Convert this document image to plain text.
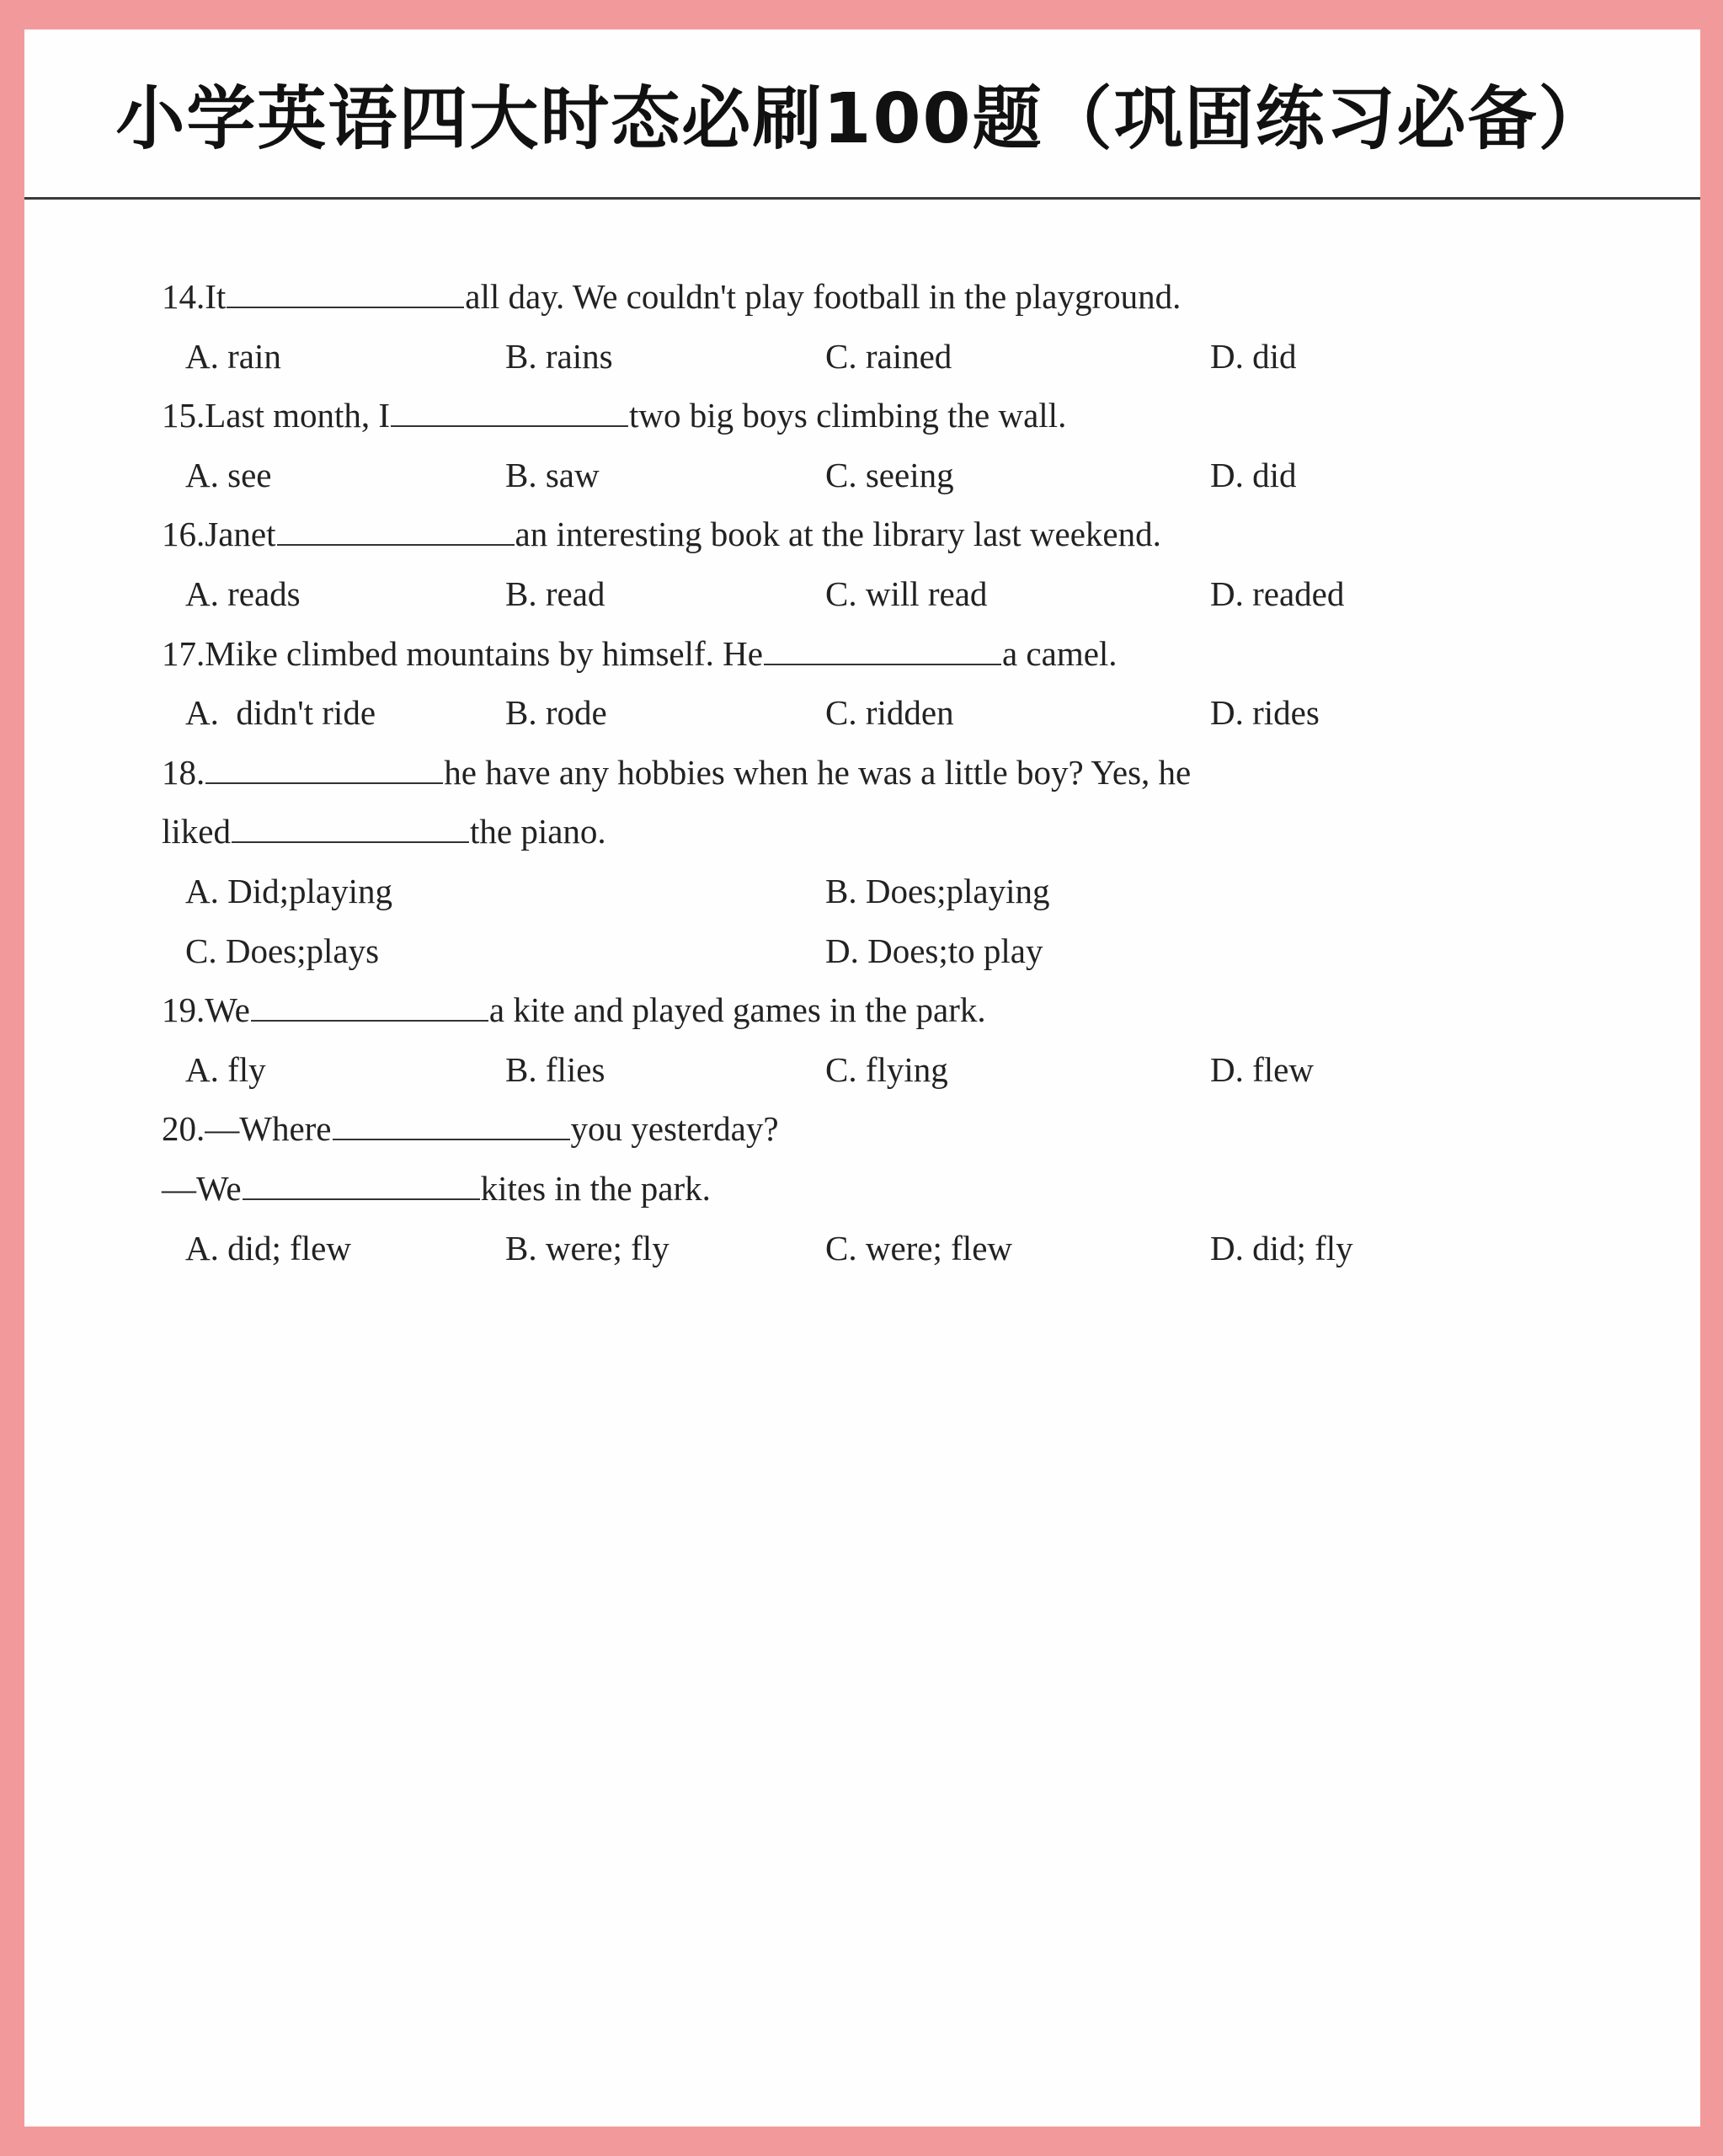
小学英语四大时态必刷100题（巩固练习必备）
14.It	all day. We couldn't play football in the playground.
A. rain	B. rains	C. rained	D. did
15.Last month, I	two big boys climbing the wall.
A. see	B. saw	C. seeing	D. did
16.Janet	an interesting book at the library last weekend.
A. reads	B. read	C. will read	D. readed
17.Mike climbed mountains by himself. He	a camel.
A.  didn't ride	B. rode	C. ridden	D. rides
18.	he have any hobbies when he was a little boy? Yes, he
liked	the piano.
A. Did;playing	B. Does;playing
C. Does;plays	D. Does;to play
19.We	a kite and played games in the park.
A. fly	B. flies	C. flying	D. flew
20.—Where	you yesterday?
—We	kites in the park.
A. did; flew	B. were; fly	C. were; flew	D. did; fly
